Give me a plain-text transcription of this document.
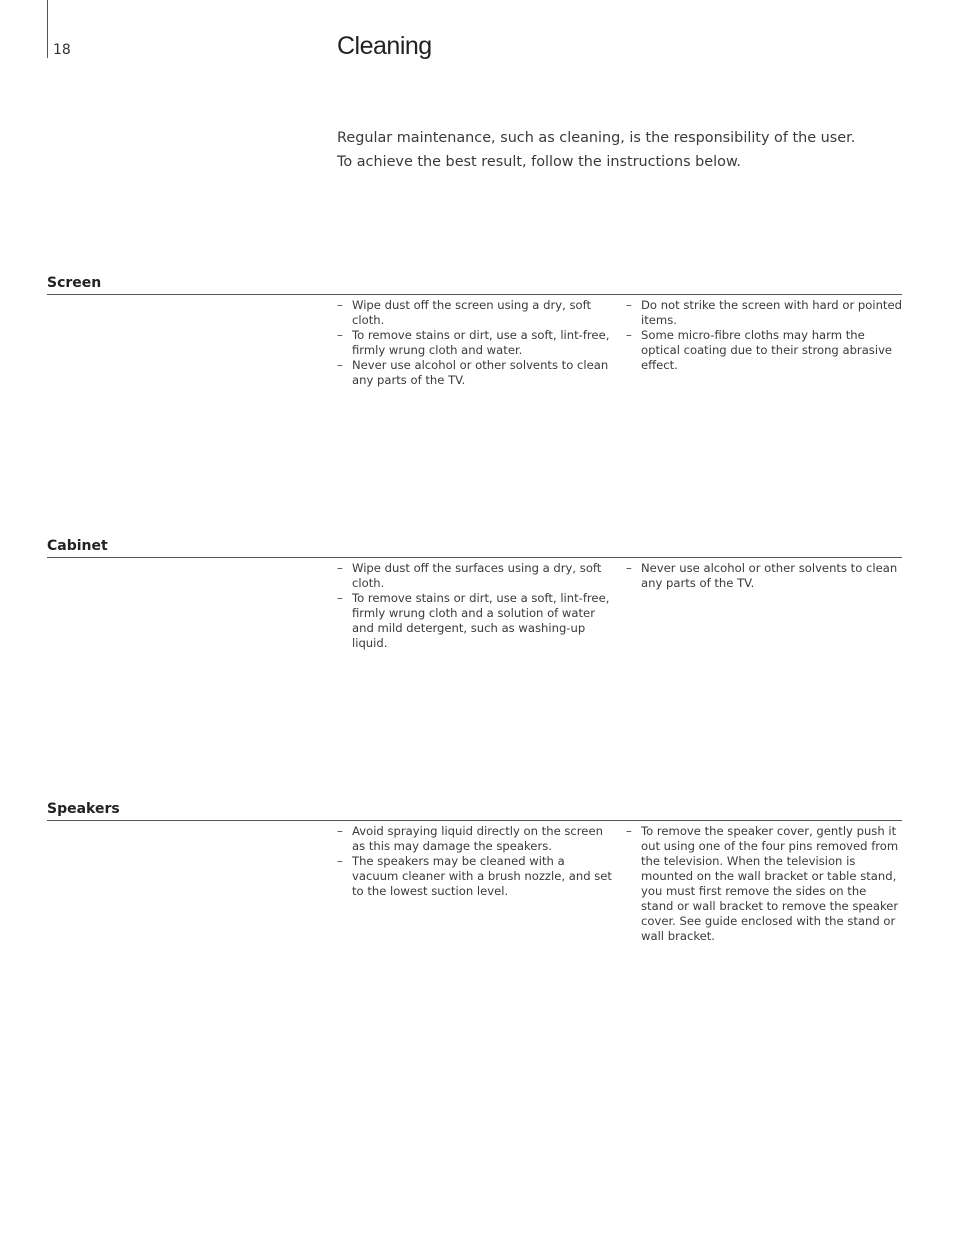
18	Cleaning

Regular maintenance, such as cleaning, is the responsibility of the user. To achieve the best result, follow the instructions below.

Screen
– Wipe dust off the screen using a dry, soft cloth.
– To remove stains or dirt, use a soft, lint-free, firmly wrung cloth and water.
– Never use alcohol or other solvents to clean any parts of the TV.
– Do not strike the screen with hard or pointed items.
– Some micro-fibre cloths may harm the optical coating due to their strong abrasive effect.
Cabinet
– Wipe dust off the surfaces using a dry, soft cloth.
– To remove stains or dirt, use a soft, lint-free, firmly wrung cloth and a solution of water and mild detergent, such as washing-up liquid.
– Never use alcohol or other solvents to clean any parts of the TV.
Speakers
– Avoid spraying liquid directly on the screen as this may damage the speakers.
– The speakers may be cleaned with a vacuum cleaner with a brush nozzle, and set to the lowest suction level.
– To remove the speaker cover, gently push it out using one of the four pins removed from the television. When the television is mounted on the wall bracket or table stand, you must first remove the sides on the stand or wall bracket to remove the speaker cover. See guide enclosed with the stand or wall bracket.
